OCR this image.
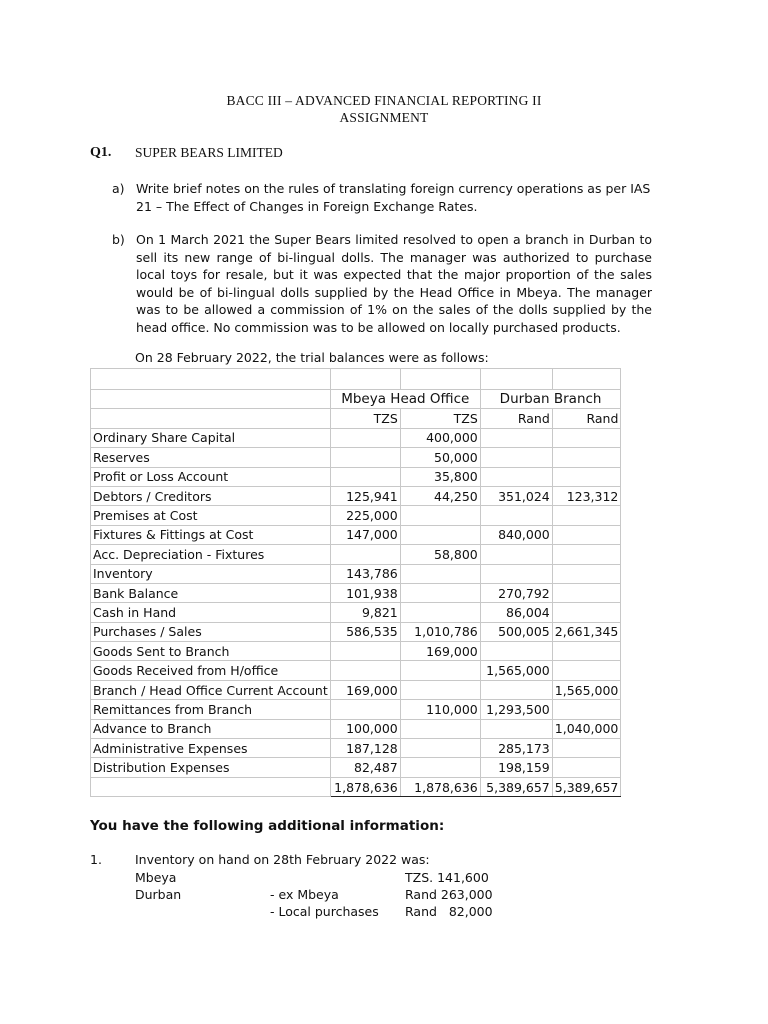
BACC III – ADVANCED FINANCIAL REPORTING II
ASSIGNMENT
Q1. SUPER BEARS LIMITED
a) Write brief notes on the rules of translating foreign currency operations as per IAS 21 – The Effect of Changes in Foreign Exchange Rates.
b) On 1 March 2021 the Super Bears limited resolved to open a branch in Durban to sell its new range of bi-lingual dolls. The manager was authorized to purchase local toys for resale, but it was expected that the major proportion of the sales would be of bi-lingual dolls supplied by the Head Office in Mbeya. The manager was to be allowed a commission of 1% on the sales of the dolls supplied by the head office. No commission was to be allowed on locally purchased products.
On 28 February 2022, the trial balances were as follows:

	Mbeya Head Office		Durban Branch	
	TZS	TZS	Rand	Rand
Ordinary Share Capital		400,000		
Reserves		50,000		
Profit or Loss Account		35,800		
Debtors / Creditors	125,941	44,250	351,024	123,312
Premises at Cost	225,000			
Fixtures & Fittings at Cost	147,000		840,000	
Acc. Depreciation - Fixtures		58,800		
Inventory	143,786			
Bank Balance	101,938		270,792	
Cash in Hand	9,821		86,004	
Purchases / Sales	586,535	1,010,786	500,005	2,661,345
Goods Sent to Branch		169,000		
Goods Received from H/office			1,565,000	
Branch / Head Office Current Account	169,000			1,565,000
Remittances from Branch		110,000	1,293,500	
Advance to Branch	100,000			1,040,000
Administrative Expenses	187,128		285,173	
Distribution Expenses	82,487		198,159	
	1,878,636	1,878,636	5,389,657	5,389,657
You have the following additional information:
1.	Inventory on hand on 28th February 2022 was:
Mbeya	TZS. 141,600
Durban	- ex Mbeya	Rand 263,000
- Local purchases Rand   82,000
